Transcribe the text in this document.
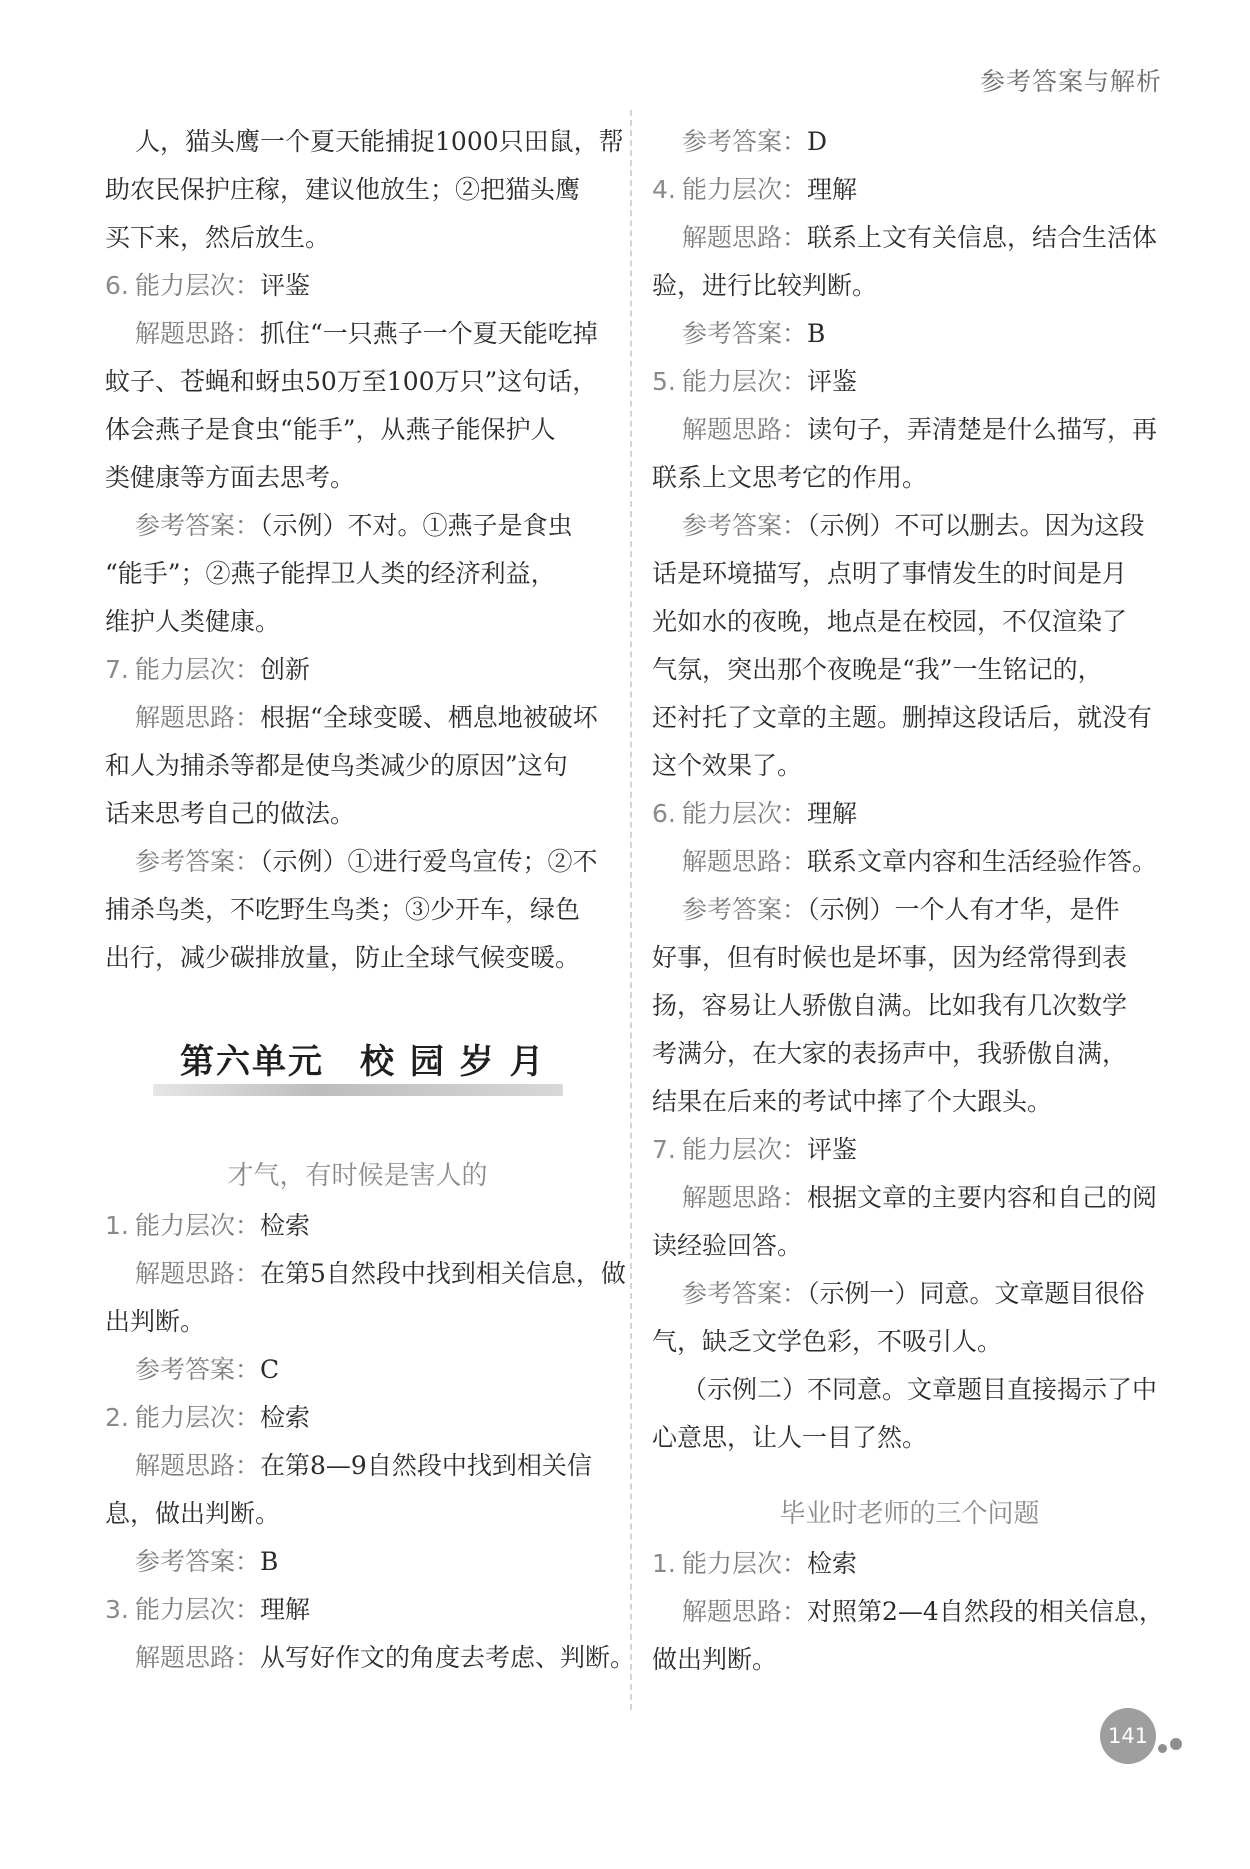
参考答案与解析
人，猫头鹰一个夏天能捕捉1000只田鼠，帮
助农民保护庄稼，建议他放生；②把猫头鹰
买下来，然后放生。
6. 能力层次：评鉴
解题思路：抓住“一只燕子一个夏天能吃掉
蚊子、苍蝇和蚜虫50万至100万只”这句话，
体会燕子是食虫“能手”，从燕子能保护人
类健康等方面去思考。
参考答案：（示例）不对。①燕子是食虫
“能手”；②燕子能捍卫人类的经济利益，
维护人类健康。
7. 能力层次：创新
解题思路：根据“全球变暖、栖息地被破坏
和人为捕杀等都是使鸟类减少的原因”这句
话来思考自己的做法。
参考答案：（示例）①进行爱鸟宣传；②不
捕杀鸟类，不吃野生鸟类；③少开车，绿色
出行，减少碳排放量，防止全球气候变暖。
第六单元　校 园 岁 月
才气，有时候是害人的
1. 能力层次：检索
解题思路：在第5自然段中找到相关信息，做
出判断。
参考答案：C
2. 能力层次：检索
解题思路：在第8—9自然段中找到相关信
息，做出判断。
参考答案：B
3. 能力层次：理解
解题思路：从写好作文的角度去考虑、判断。
参考答案：D
4. 能力层次：理解
解题思路：联系上文有关信息，结合生活体
验，进行比较判断。
参考答案：B
5. 能力层次：评鉴
解题思路：读句子，弄清楚是什么描写，再
联系上文思考它的作用。
参考答案：（示例）不可以删去。因为这段
话是环境描写，点明了事情发生的时间是月
光如水的夜晚，地点是在校园，不仅渲染了
气氛，突出那个夜晚是“我”一生铭记的，
还衬托了文章的主题。删掉这段话后，就没有
这个效果了。
6. 能力层次：理解
解题思路：联系文章内容和生活经验作答。
参考答案：（示例）一个人有才华，是件
好事，但有时候也是坏事，因为经常得到表
扬，容易让人骄傲自满。比如我有几次数学
考满分，在大家的表扬声中，我骄傲自满，
结果在后来的考试中摔了个大跟头。
7. 能力层次：评鉴
解题思路：根据文章的主要内容和自己的阅
读经验回答。
参考答案：（示例一）同意。文章题目很俗
气，缺乏文学色彩，不吸引人。
（示例二）不同意。文章题目直接揭示了中
心意思，让人一目了然。
毕业时老师的三个问题
1. 能力层次：检索
解题思路：对照第2—4自然段的相关信息，
做出判断。
141
